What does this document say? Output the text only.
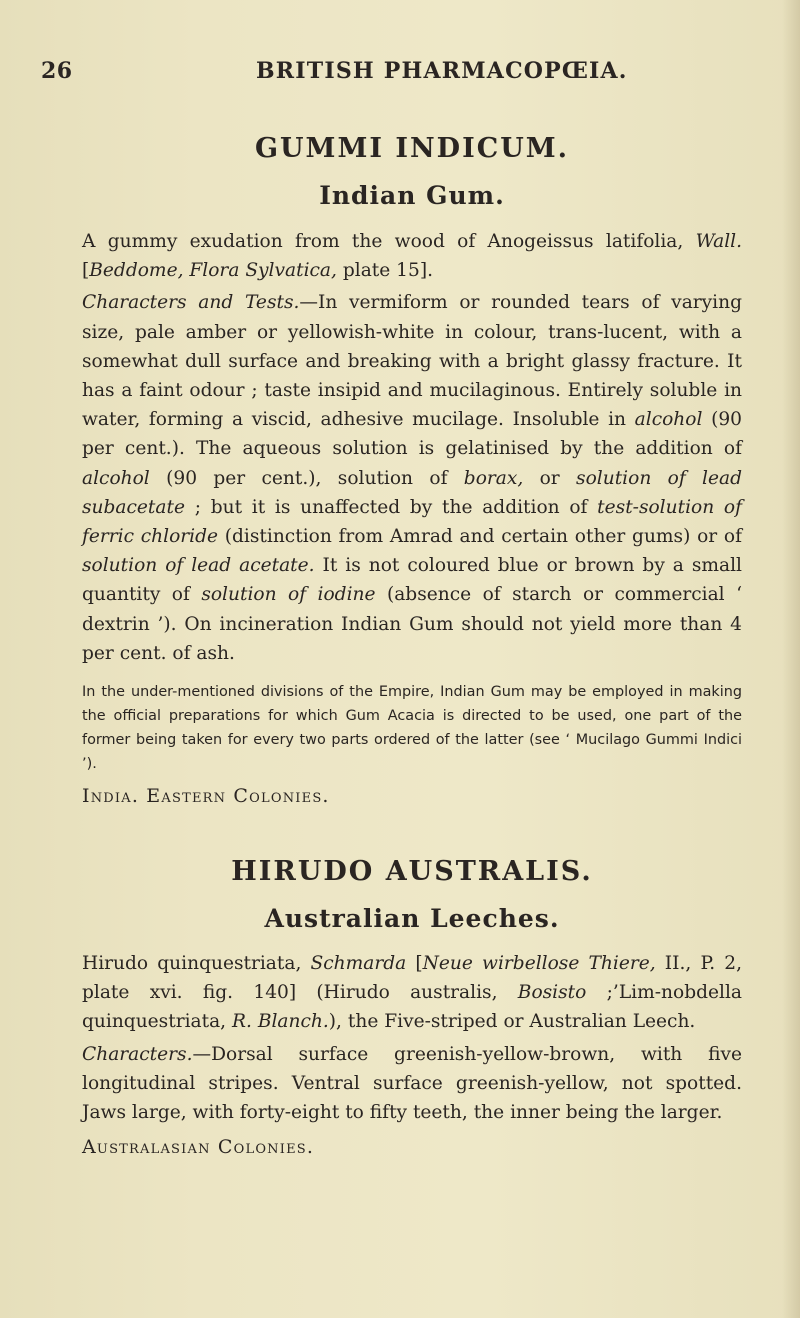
26	BRITISH PHARMACOPŒIA.
GUMMI INDICUM.
Indian Gum.

A gummy exudation from the wood of Anogeissus latifolia, Wall. [Beddome, Flora Sylvatica, plate 15].

Characters and Tests.—In vermiform or rounded tears of varying size, pale amber or yellowish-white in colour, trans-lucent, with a somewhat dull surface and breaking with a bright glassy fracture. It has a faint odour ; taste insipid and mucilaginous. Entirely soluble in water, forming a viscid, adhesive mucilage. Insoluble in alcohol (90 per cent.). The aqueous solution is gelatinised by the addition of alcohol (90 per cent.), solution of borax, or solution of lead subacetate ; but it is unaffected by the addition of test-solution of ferric chloride (distinction from Amrad and certain other gums) or of solution of lead acetate. It is not coloured blue or brown by a small quantity of solution of iodine (absence of starch or commercial ‘ dextrin ’). On incineration Indian Gum should not yield more than 4 per cent. of ash.

In the under-mentioned divisions of the Empire, Indian Gum may be employed in making the official preparations for which Gum Acacia is directed to be used, one part of the former being taken for every two parts ordered of the latter (see ‘ Mucilago Gummi Indici ’).

India. Eastern Colonies.

HIRUDO AUSTRALIS.
Australian Leeches.

Hirudo quinquestriata, Schmarda [Neue wirbellose Thiere, II., P. 2, plate xvi. fig. 140] (Hirudo australis, Bosisto ;’Lim-nobdella quinquestriata, R. Blanch.), the Five-striped or Australian Leech.

Characters.—Dorsal surface greenish-yellow-brown, with five longitudinal stripes. Ventral surface greenish-yellow, not spotted. Jaws large, with forty-eight to fifty teeth, the inner being the larger.

Australasian Colonies.
